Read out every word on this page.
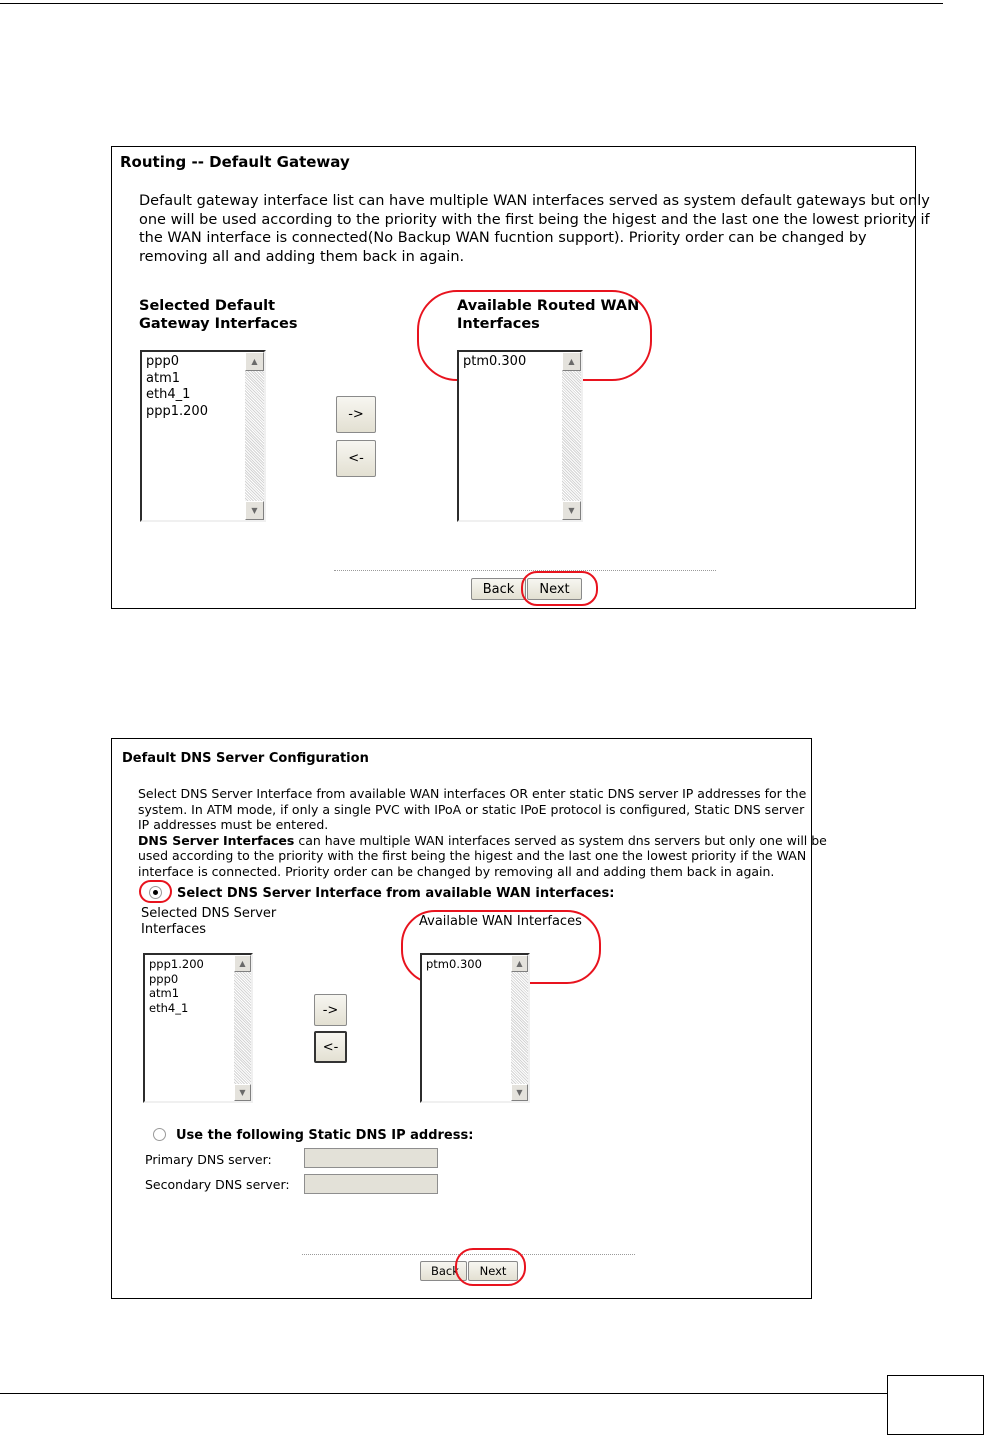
Routing -- Default Gateway
Default gateway interface list can have multiple WAN interfaces served as system default gateways but only
one will be used according to the priority with the first being the higest and the last one the lowest priority if
the WAN interface is connected(No Backup WAN fucntion support). Priority order can be changed by
removing all and adding them back in again.
Selected Default
Gateway Interfaces
Available Routed WAN
Interfaces
ppp0
atm1
eth4_1
ppp1.200
▲
▼
->
<-
ptm0.300	▲
▼
Back	Next
Default DNS Server Configuration
Select DNS Server Interface from available WAN interfaces OR enter static DNS server IP addresses for the
system. In ATM mode, if only a single PVC with IPoA or static IPoE protocol is configured, Static DNS server
IP addresses must be entered.
DNS Server Interfaces can have multiple WAN interfaces served as system dns servers but only one will be
used according to the priority with the first being the higest and the last one the lowest priority if the WAN
interface is connected. Priority order can be changed by removing all and adding them back in again.
Select DNS Server Interface from available WAN interfaces:
Selected DNS Server
Interfaces
Available WAN Interfaces
ppp1.200
ppp0
atm1
eth4_1
▲
▼
->
<-
ptm0.300	▲
▼
Use the following Static DNS IP address:
Primary DNS server:
Secondary DNS server:
Back	Next
